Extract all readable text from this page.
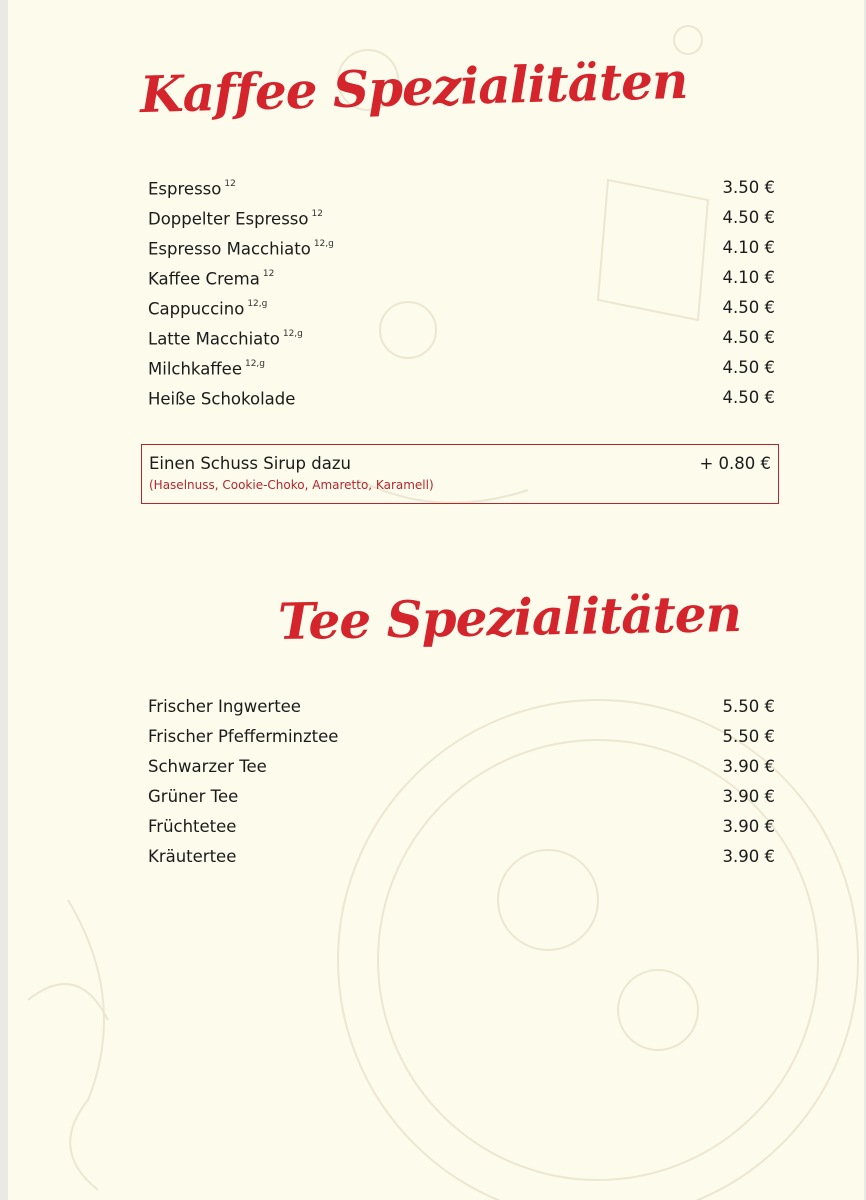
Kaffee Spezialitäten
Espresso $^{12}$	3.50 €
Doppelter Espresso $^{12}$	4.50 €
Espresso Macchiato $^{12,g}$	4.10 €
Kaffee Crema $^{12}$	4.10 €
Cappuccino $^{12,g}$	4.50 €
Latte Macchiato $^{12,g}$	4.50 €
Milchkaffee $^{12,g}$	4.50 €
Heiße Schokolade	4.50 €
Einen Schuss Sirup dazu	+ 0.80 €
(Haselnuss, Cookie-Choko, Amaretto, Karamell)
Tee Spezialitäten
Frischer Ingwertee	5.50 €
Frischer Pfefferminztee	5.50 €
Schwarzer Tee	3.90 €
Grüner Tee	3.90 €
Früchtetee	3.90 €
Kräutertee	3.90 €
